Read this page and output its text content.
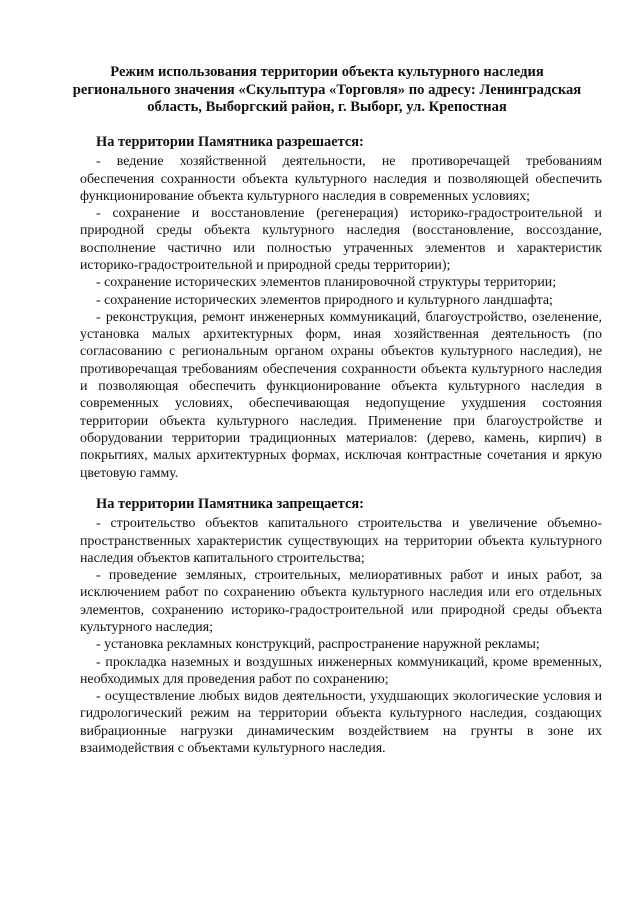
Режим использования территории объекта культурного наследия регионального значения «Скульптура «Торговля» по адресу: Ленинградская область, Выборгский район, г. Выборг, ул. Крепостная

На территории Памятника разрешается:

- ведение хозяйственной деятельности, не противоречащей требованиям обеспечения сохранности объекта культурного наследия и позволяющей обеспечить функционирование объекта культурного наследия в современных условиях;

- сохранение и восстановление (регенерация) историко-градостроительной и природной среды объекта культурного наследия (восстановление, воссоздание, восполнение частично или полностью утраченных элементов и характеристик историко-градостроительной и природной среды территории);

- сохранение исторических элементов планировочной структуры территории;

- сохранение исторических элементов природного и культурного ландшафта;

- реконструкция, ремонт инженерных коммуникаций, благоустройство, озеленение, установка малых архитектурных форм, иная хозяйственная деятельность (по согласованию с региональным органом охраны объектов культурного наследия), не противоречащая требованиям обеспечения сохранности объекта культурного наследия и позволяющая обеспечить функционирование объекта культурного наследия в современных условиях, обеспечивающая недопущение ухудшения состояния территории объекта культурного наследия. Применение при благоустройстве и оборудовании территории традиционных материалов: (дерево, камень, кирпич) в покрытиях, малых архитектурных формах, исключая контрастные сочетания и яркую цветовую гамму.

На территории Памятника запрещается:

- строительство объектов капитального строительства и увеличение объемно-пространственных характеристик существующих на территории объекта культурного наследия объектов капитального строительства;

- проведение земляных, строительных, мелиоративных работ и иных работ, за исключением работ по сохранению объекта культурного наследия или его отдельных элементов, сохранению историко-градостроительной или природной среды объекта культурного наследия;

- установка рекламных конструкций, распространение наружной рекламы;

- прокладка наземных и воздушных инженерных коммуникаций, кроме временных, необходимых для проведения работ по сохранению;

- осуществление любых видов деятельности, ухудшающих экологические условия и гидрологический режим на территории объекта культурного наследия, создающих вибрационные нагрузки динамическим воздействием на грунты в зоне их взаимодействия с объектами культурного наследия.
